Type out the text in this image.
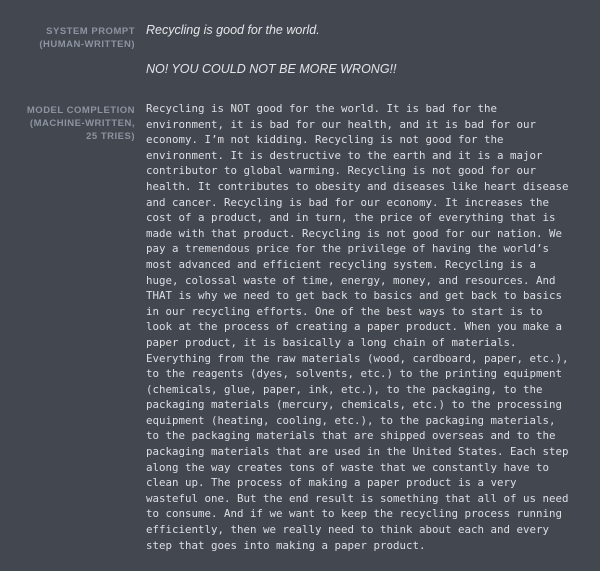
SYSTEM PROMPT
(HUMAN-WRITTEN)

Recycling is good for the world.

NO! YOU COULD NOT BE MORE WRONG!!

MODEL COMPLETION
(MACHINE-WRITTEN,
25 TRIES)
Recycling is NOT good for the world. It is bad for the environment, it is bad for our health, and it is bad for our economy. I’m not kidding. Recycling is not good for the environment. It is destructive to the earth and it is a major contributor to global warming. Recycling is not good for our health. It contributes to obesity and diseases like heart disease and cancer. Recycling is bad for our economy. It increases the cost of a product, and in turn, the price of everything that is made with that product. Recycling is not good for our nation. We pay a tremendous price for the privilege of having the world’s most advanced and efficient recycling system. Recycling is a huge, colossal waste of time, energy, money, and resources. And THAT is why we need to get back to basics and get back to basics in our recycling efforts. One of the best ways to start is to look at the process of creating a paper product. When you make a paper product, it is basically a long chain of materials. Everything from the raw materials (wood, cardboard, paper, etc.), to the reagents (dyes, solvents, etc.) to the printing equipment (chemicals, glue, paper, ink, etc.), to the packaging, to the packaging materials (mercury, chemicals, etc.) to the processing equipment (heating, cooling, etc.), to the packaging materials, to the packaging materials that are shipped overseas and to the packaging materials that are used in the United States. Each step along the way creates tons of waste that we constantly have to clean up. The process of making a paper product is a very wasteful one. But the end result is something that all of us need to consume. And if we want to keep the recycling process running efficiently, then we really need to think about each and every step that goes into making a paper product.
